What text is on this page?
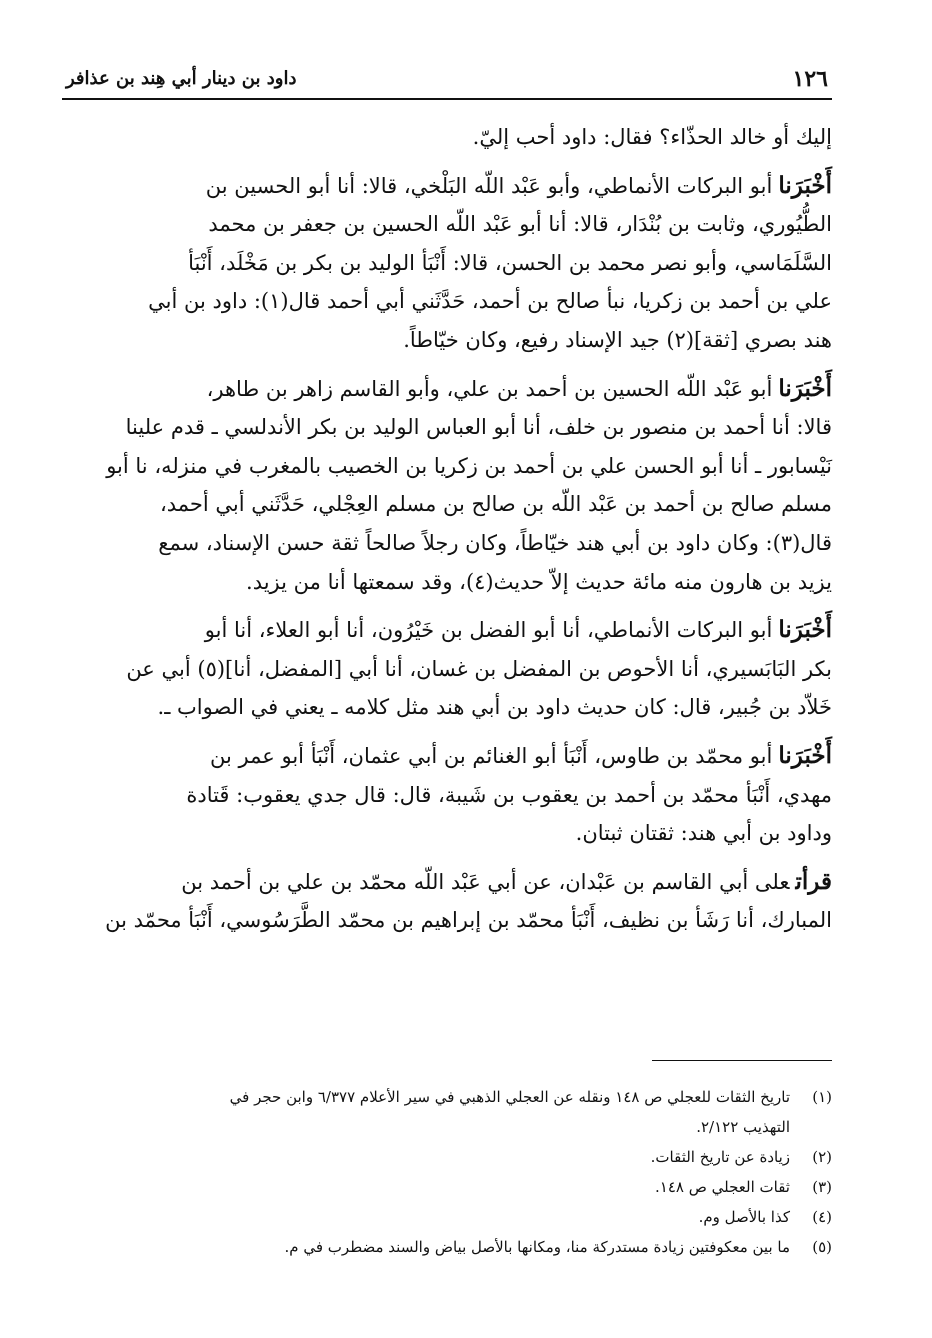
١٢٦
داود بن دينار أبي هِند بن عذافر

إليك أو خالد الحذّاء؟ فقال: داود أحب إليّ.

أَخْبَرَناأبو البركات الأنماطي، وأبو عَبْد اللّه البَلْخي، قالا: أنا أبو الحسين بن
الطُّيُوري، وثابت بن بُنْدَار، قالا: أنا أبو عَبْد اللّه الحسين بن جعفر بن محمد
السَّلَمَاسي، وأبو نصر محمد بن الحسن، قالا: أَنْبَأ الوليد بن بكر بن مَخْلَد، أَنْبَأ
علي بن أحمد بن زكريا، نبأ صالح بن أحمد، حَدَّثَني أبي أحمد قال(١): داود بن أبي
هند بصري [ثقة](٢) جيد الإسناد رفيع، وكان خيّاطاً.

أَخْبَرَناأبو عَبْد اللّه الحسين بن أحمد بن علي، وأبو القاسم زاهر بن طاهر،
قالا: أنا أحمد بن منصور بن خلف، أنا أبو العباس الوليد بن بكر الأندلسي ـ قدم علينا
نَيْسابور ـ أنا أبو الحسن علي بن أحمد بن زكريا بن الخصيب بالمغرب في منزله، نا أبو
مسلم صالح بن أحمد بن عَبْد اللّه بن صالح بن مسلم العِجْلي، حَدَّثَني أبي أحمد،
قال(٣): وكان داود بن أبي هند خيّاطاً، وكان رجلاً صالحاً ثقة حسن الإسناد، سمع
يزيد بن هارون منه مائة حديث إلاّ حديث(٤)، وقد سمعتها أنا من يزيد.

أَخْبَرَناأبو البركات الأنماطي، أنا أبو الفضل بن خَيْرُون، أنا أبو العلاء، أنا أبو
بكر البَابَسيري، أنا الأحوص بن المفضل بن غسان، أنا أبي [المفضل، أنا](٥) أبي عن
خَلاّد بن جُبير، قال: كان حديث داود بن أبي هند مثل كلامه ـ يعني في الصواب ـ.

أَخْبَرَناأبو محمّد بن طاوس، أَنْبَأ أبو الغنائم بن أبي عثمان، أَنْبَأ أبو عمر بن
مهدي، أَنْبَأ محمّد بن أحمد بن يعقوب بن شَيبة، قال: قال جدي يعقوب: قَتادة
وداود بن أبي هند: ثقتان ثبتان.

قرأتعلى أبي القاسم بن عَبْدان، عن أبي عَبْد اللّه محمّد بن علي بن أحمد بن
المبارك، أنا رَشَأ بن نظيف، أَنْبَأ محمّد بن إبراهيم بن محمّد الطَّرَسُوسي، أَنْبَأ محمّد بن

(١)
تاريخ الثقات للعجلي ص ١٤٨ ونقله عن العجلي الذهبي في سير الأعلام ٦/٣٧٧ وابن حجر في
التهذيب ٢/١٢٢.
(٢)
زيادة عن تاريخ الثقات.
(٣)
ثقات العجلي ص ١٤٨.
(٤)
كذا بالأصل وم.
(٥)
ما بين معكوفتين زيادة مستدركة منا، ومكانها بالأصل بياض والسند مضطرب في م.
